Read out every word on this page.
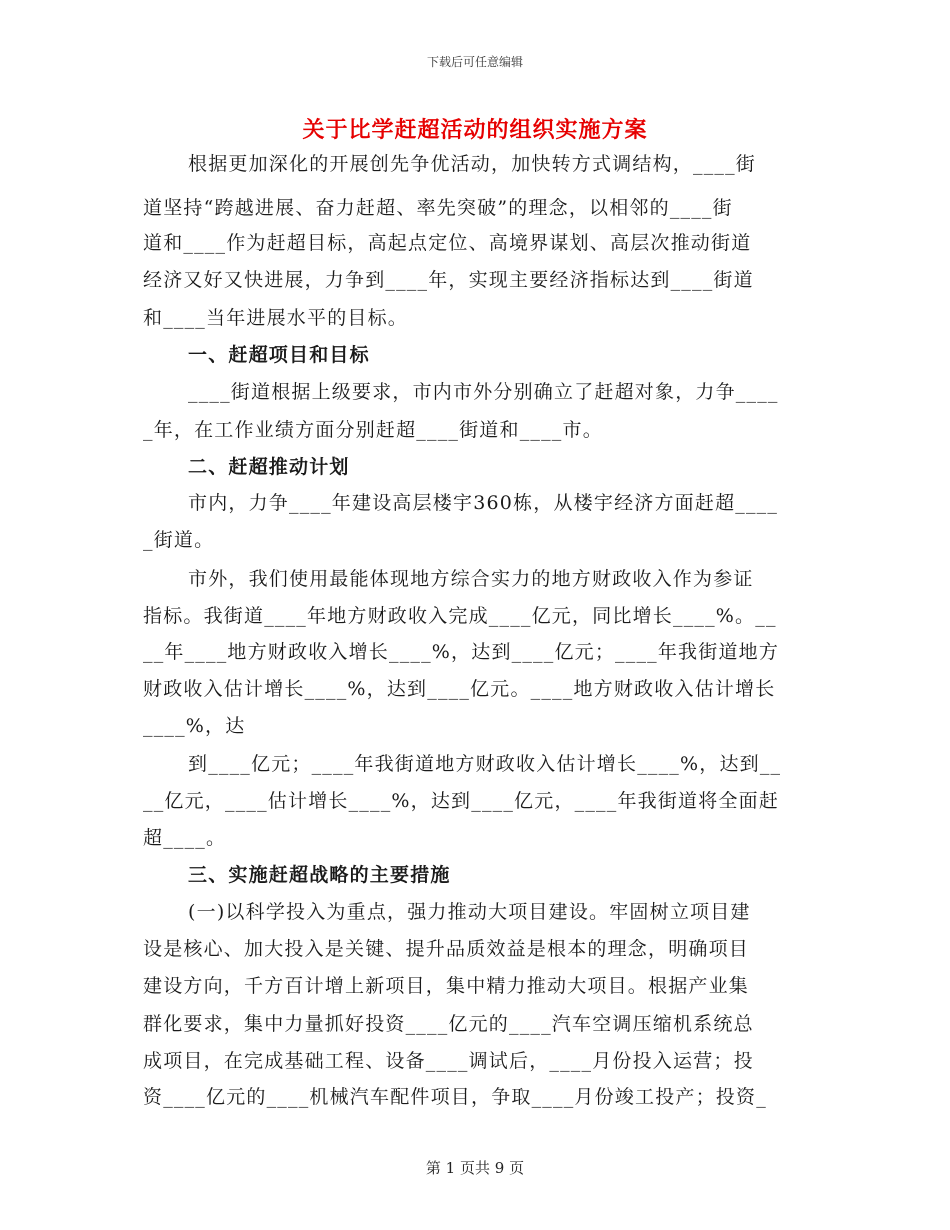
下载后可任意编辑
关于比学赶超活动的组织实施方案
根据更加深化的开展创先争优活动，加快转方式调结构，____街
道坚持“跨越进展、奋力赶超、率先突破”的理念，以相邻的____街
道和____作为赶超目标，高起点定位、高境界谋划、高层次推动街道
经济又好又快进展，力争到____年，实现主要经济指标达到____街道
和____当年进展水平的目标。
一、赶超项目和目标
____街道根据上级要求，市内市外分别确立了赶超对象，力争____
_年，在工作业绩方面分别赶超____街道和____市。
二、赶超推动计划
市内，力争____年建设高层楼宇360栋，从楼宇经济方面赶超____
_街道。
市外，我们使用最能体现地方综合实力的地方财政收入作为参证
指标。我街道____年地方财政收入完成____亿元，同比增长____%。__
__年____地方财政收入增长____%，达到____亿元；____年我街道地方
财政收入估计增长____%，达到____亿元。____地方财政收入估计增长
____%，达
到____亿元；____年我街道地方财政收入估计增长____%，达到__
__亿元，____估计增长____%，达到____亿元，____年我街道将全面赶
超____。
三、实施赶超战略的主要措施
(一)以科学投入为重点，强力推动大项目建设。牢固树立项目建
设是核心、加大投入是关键、提升品质效益是根本的理念，明确项目
建设方向，千方百计增上新项目，集中精力推动大项目。根据产业集
群化要求，集中力量抓好投资____亿元的____汽车空调压缩机系统总
成项目，在完成基础工程、设备____调试后，____月份投入运营；投
资____亿元的____机械汽车配件项目，争取____月份竣工投产；投资_
第 1 页共 9 页
